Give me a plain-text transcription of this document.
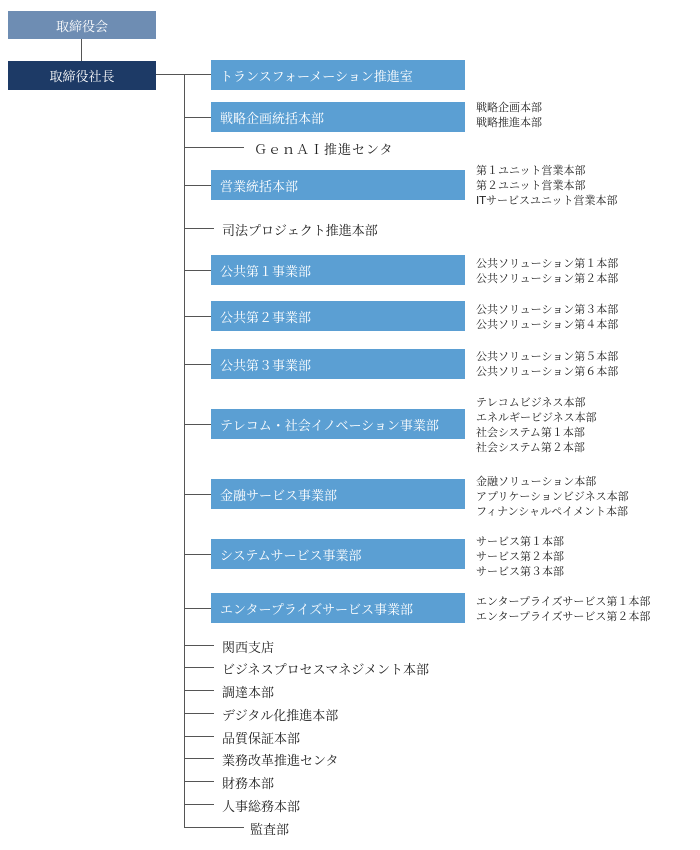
取締役会
取締役社長	トランスフォーメーション推進室
戦略企画統括本部
戦略企画本部
戦略推進本部
ＧｅｎＡＩ推進センタ
営業統括本部
第１ユニット営業本部
第２ユニット営業本部
ITサービスユニット営業本部
司法プロジェクト推進本部
公共第１事業部
公共ソリューション第１本部
公共ソリューション第２本部
公共第２事業部
公共ソリューション第３本部
公共ソリューション第４本部
公共第３事業部
公共ソリューション第５本部
公共ソリューション第６本部
テレコム・社会イノベーション事業部
テレコムビジネス本部
エネルギービジネス本部
社会システム第１本部
社会システム第２本部
金融サービス事業部
金融ソリューション本部
アプリケーションビジネス本部
フィナンシャルペイメント本部
システムサービス事業部
サービス第１本部
サービス第２本部
サービス第３本部
エンタープライズサービス事業部
エンタープライズサービス第１本部
エンタープライズサービス第２本部
関西支店
ビジネスプロセスマネジメント本部
調達本部
デジタル化推進本部
品質保証本部
業務改革推進センタ
財務本部
人事総務本部
監査部
